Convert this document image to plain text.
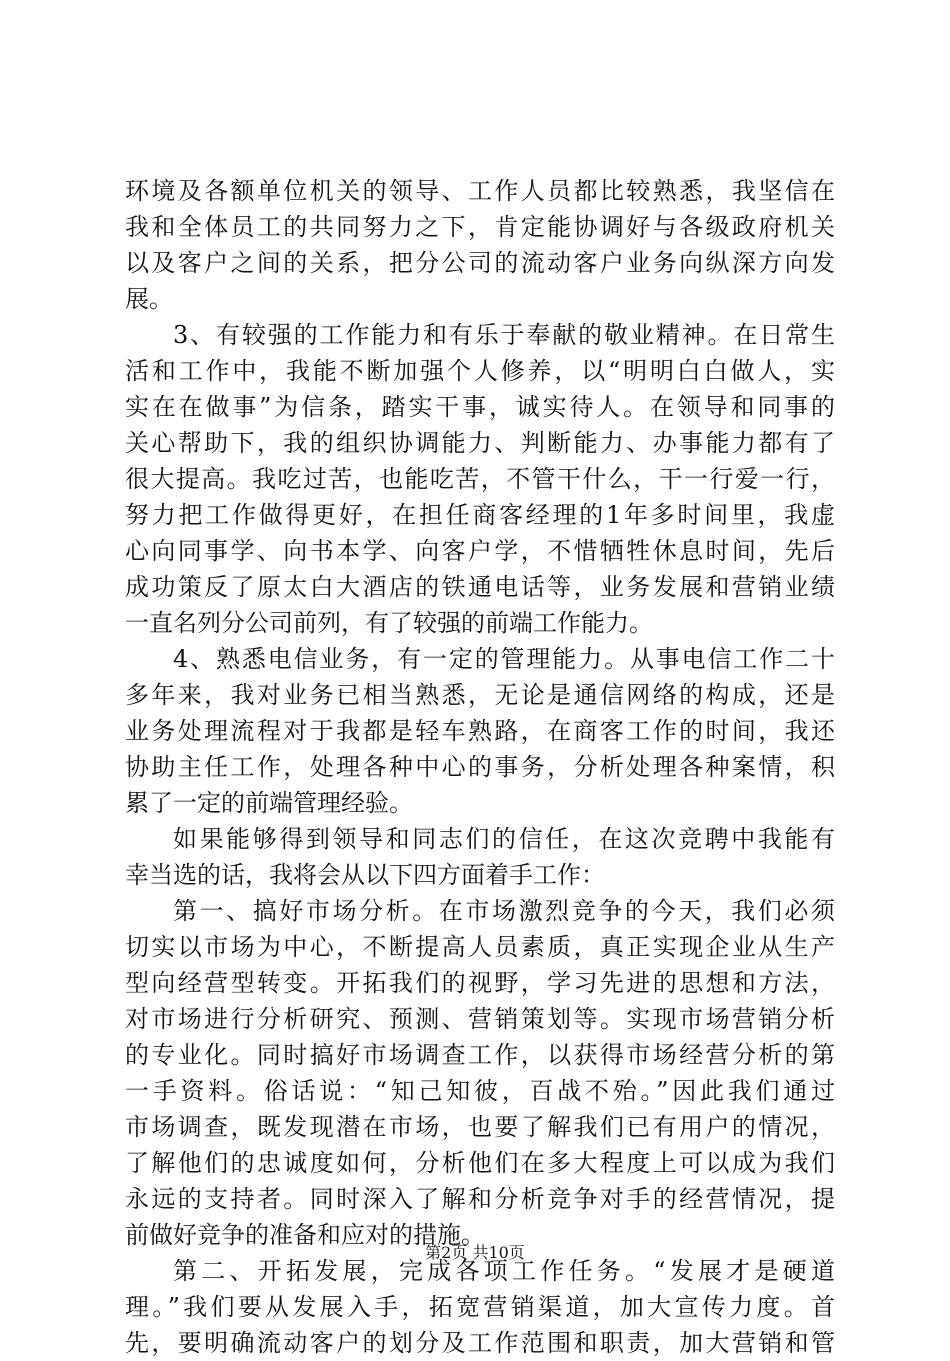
环境及各额单位机关的领导、工作人员都比较熟悉，我坚信在
我和全体员工的共同努力之下，肯定能协调好与各级政府机关
以及客户之间的关系，把分公司的流动客户业务向纵深方向发
展。
3、有较强的工作能力和有乐于奉献的敬业精神。在日常生
活和工作中，我能不断加强个人修养，以“明明白白做人，实
实在在做事”为信条，踏实干事，诚实待人。在领导和同事的
关心帮助下，我的组织协调能力、判断能力、办事能力都有了
很大提高。我吃过苦，也能吃苦，不管干什么，干一行爱一行，
努力把工作做得更好，在担任商客经理的1年多时间里，我虚
心向同事学、向书本学、向客户学，不惜牺牲休息时间，先后
成功策反了原太白大酒店的铁通电话等，业务发展和营销业绩
一直名列分公司前列，有了较强的前端工作能力。
4、熟悉电信业务，有一定的管理能力。从事电信工作二十
多年来，我对业务已相当熟悉，无论是通信网络的构成，还是
业务处理流程对于我都是轻车熟路，在商客工作的时间，我还
协助主任工作，处理各种中心的事务，分析处理各种案情，积
累了一定的前端管理经验。
如果能够得到领导和同志们的信任，在这次竞聘中我能有
幸当选的话，我将会从以下四方面着手工作：
第一、搞好市场分析。在市场激烈竞争的今天，我们必须
切实以市场为中心，不断提高人员素质，真正实现企业从生产
型向经营型转变。开拓我们的视野，学习先进的思想和方法，
对市场进行分析研究、预测、营销策划等。实现市场营销分析
的专业化。同时搞好市场调查工作，以获得市场经营分析的第
一手资料。俗话说：“知己知彼，百战不殆。”因此我们通过
市场调查，既发现潜在市场，也要了解我们已有用户的情况，
了解他们的忠诚度如何，分析他们在多大程度上可以成为我们
永远的支持者。同时深入了解和分析竞争对手的经营情况，提
前做好竞争的准备和应对的措施。
第二、开拓发展，完成各项工作任务。“发展才是硬道
理。”我们要从发展入手，拓宽营销渠道，加大宣传力度。首
先，要明确流动客户的划分及工作范围和职责，加大营销和管
第2页 共10页
